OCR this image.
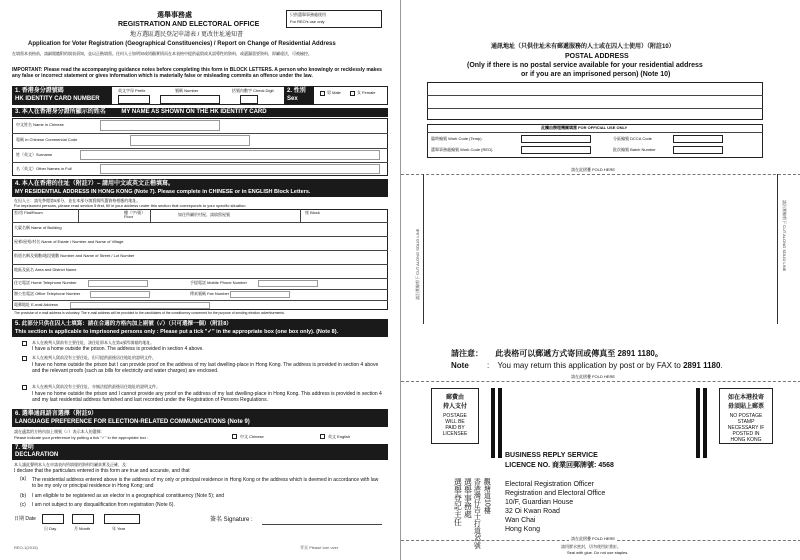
選舉事務處
REGISTRATION AND ELECTORAL OFFICE
地方選區選民登記申請表 / 更改住址通知書
Application for Voter Registration (Geographical Constituencies) / Report on Change of Residential Address
只供選舉事務處使用
For REO's use only
在填寫本表格前，請細閱隨附的填表須知，並以正楷填寫。任何人士如明知或罔顧實情而在本表格中提供虛假或具誤導性的資料，或遺漏重要資料，即屬違法，可被檢控。
IMPORTANT: Please read the accompanying guidance notes before completing this form in BLOCK LETTERS. A person who knowingly or recklessly makes any false or incorrect statement or gives information which is materially false or misleading commits an offence under the law.
1. 香港身分證號碼
HK IDENTITY CARD NUMBER
英文字母 Prefix	號碼 Number	括號內數字 Check Digit	2. 性別
Sex
男 Male	女 Female
3. 本人在香港身分證所顯示的姓名	MY NAME AS SHOWN ON THE HK IDENTITY CARD
中文姓名 Name in Chinese
電碼 In Chinese Commercial Code
姓（英文）Surname
名（英文）Other Names in Full
4. 本人在香港的住址（附註7）– 請用中文或英文正楷填寫。
MY RESIDENTIAL ADDRESS IN HONG KONG (Note 7). Please complete in CHINESE or in ENGLISH Block Letters.
在囚人士：請先參閱第5部分，並在本部分填寫與所選資格相應的地址。
For imprisoned persons, please read section 5 first, fill in your address under this section that corresponds to your specific situation.
室/房 Flat/Room	樓（字/號）Floor	如住所屬於村屋，請填寫屋號	座 Block
大廈名稱 Name of Building
屋邨/屋苑/村名 Name of Estate / Number and Name of Village
街道名稱及號數/地段號數 Number and Name of Street / Lot Number
地區及區名 Area and District Name
住宅電話 Home Telephone Number	手提電話 Mobile Phone Number
辦公室電話 Office Telephone Number	傳真號碼 Fax Number
電郵地址 E-mail Address
The provision of e-mail address is voluntary. The e-mail address will be provided to the candidates of the constituency concerned for the purpose of sending election advertisements.
5. 此部分只供在囚人士填寫：請在合適的方格內加上剔號（✓）（只可選擇一個）（附註8）
This section is applicable to imprisoned persons only : Please put a tick "✓" in the appropriate box (one box only). (Note 8).
本人在被判入獄前有主要住址，該住址即本人在第4部所填報的地址。
I have a home outside the prison. The address is provided in section 4 above.
本人在被判入獄前沒有主要住址，但可提供最後居住地址的證明文件。
I have no home outside the prison but I can provide proof on the address of my last dwelling-place in Hong Kong. The address is provided in section 4 above and the relevant proofs (such as bills for electricity and water charges) are enclosed.
本人在被判入獄前沒有主要住址，亦無法提供最後居住地址的證明文件。
I have no home outside the prison and I cannot provide any proof on the address of my last dwelling-place in Hong Kong. This address is provided in section 4 and my last residential address furnished and last recorded under the Registration of Persons Regulations.
6. 選舉通訊語言選擇（附註9）
LANGUAGE PREFERENCE FOR ELECTION-RELATED COMMUNICATIONS (Note 9)
請在適當的方格內加上剔號（✓）表示本人的選擇：
Please indicate your preference by putting a tick "✓" in the appropriate box :	中文 Chinese	英文 English
7. 聲明
DECLARATION
本人謹此聲明本人在申請表內所填報的資料均屬真實及正確，及：
I declare that the particulars entered in this form are true and accurate, and that
(a) The residential address entered above is the address of my only or principal residence in Hong Kong or the address which is deemed in accordance with law to be my only or principal residence in Hong Kong; and
(b) I am eligible to be registered as an elector in a geographical constituency (Note 5); and
(c) I am not subject to any disqualification from registration (Note 6).
日期 Date
日 Day	月 Month	年 Year
簽名 Signature :
REO-1(2015)	背頁 Please turn over
通訊地址（只供住址未有郵遞服務的人士或在囚人士使用）（附註10）
POSTAL ADDRESS
(Only if there is no postal service available for your residential address
or if you are an imprisoned person) (Note 10)
此欄由辦理機關填寫 FOR OFFICIAL USE ONLY
臨時編號 Work Code (Temp)	分區編號 DCCA Code
選舉事務處編號 Work Code (REO)	批次編號 Batch Number
請在此摺疊 FOLD HERE
請沿實線剪下 CUT ALONG SOLID LINE	請沿實線剪下 CUT ALONG SOLID LINE
請注意： 此表格可以郵遞方式寄回或傳真至 2891 1180。
Note : You may return this application by post or by FAX to 2891 1180.
請在此摺疊 FOLD HERE
郵費由
持人支付
POSTAGE
WILL BE
PAID BY
LICENSEE
如在本港投寄
毋須貼上郵票
NO POSTAGE
STAMP
NECESSARY IF
POSTED IN
HONG KONG
BUSINESS REPLY SERVICE
LICENCE NO. 商業回郵牌號: 4568
選舉登記主任 選舉事務處 香港灣仔告士打道32號 觀塘道10樓 Electoral Registration Officer
Registration and Electoral Office
10/F, Guardian House
32 Oi Kwan Road
Wan Chai
Hong Kong
請在此摺疊 FOLD HERE
請用膠水密封，切勿使用釘書釘。
Seal with glue. Do not use staples.
